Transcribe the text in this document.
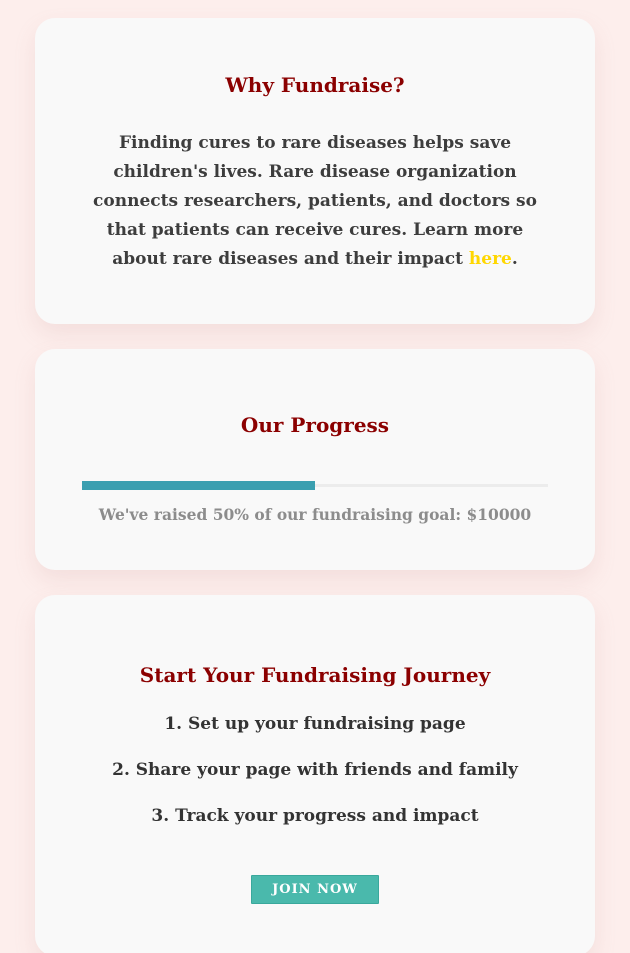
Why Fundraise?

Finding cures to rare diseases helps save children's lives. Rare disease organization connects researchers, patients, and doctors so that patients can receive cures. Learn more about rare diseases and their impact here.

Our Progress
We've raised 50% of our fundraising goal: $10000
Start Your Fundraising Journey
1. Set up your fundraising page
2. Share your page with friends and family
3. Track your progress and impact
JOIN NOW
